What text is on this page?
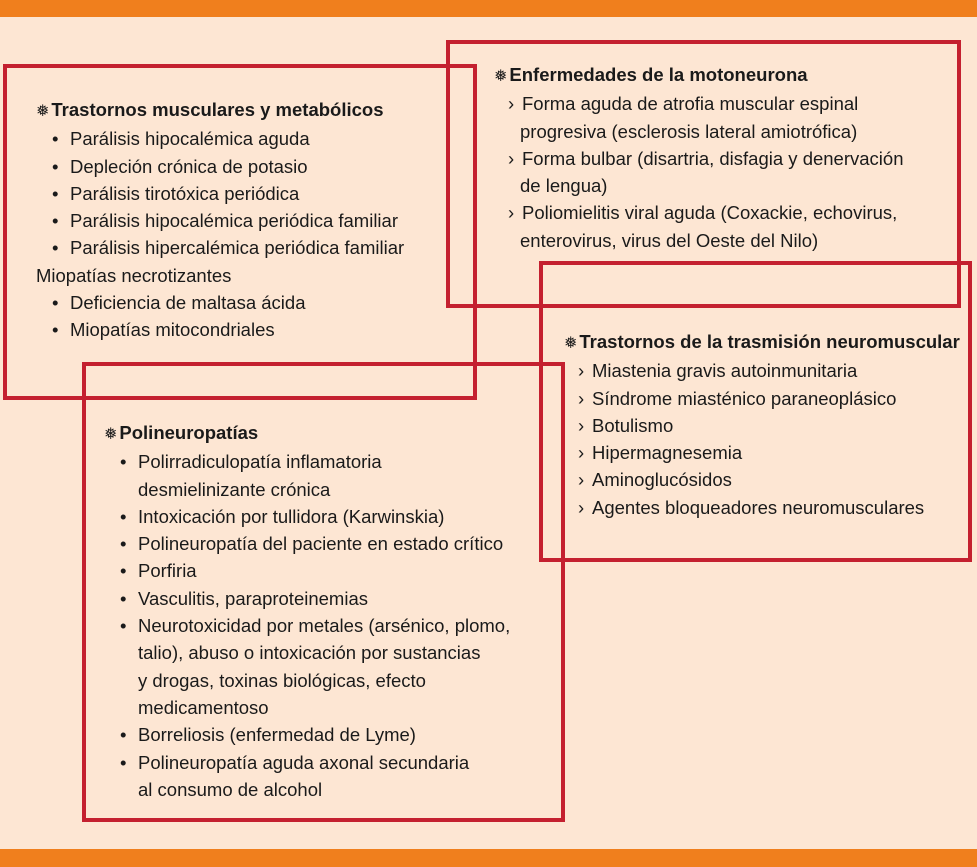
❅ Trastornos musculares y metabólicos
• Parálisis hipocalémica aguda
• Depleción crónica de potasio
• Parálisis tirotóxica periódica
• Parálisis hipocalémica periódica familiar
• Parálisis hipercalémica periódica familiar
Miopatías necrotizantes
• Deficiencia de maltasa ácida
• Miopatías mitocondriales
❅ Enfermedades de la motoneurona
› Forma aguda de atrofia muscular espinal
progresiva (esclerosis lateral amiotrófica)
› Forma bulbar (disartria, disfagia y denervación
de lengua)
› Poliomielitis viral aguda (Coxackie, echovirus,
enterovirus, virus del Oeste del Nilo)
❅ Trastornos de la trasmisión neuromuscular
› Miastenia gravis autoinmunitaria
› Síndrome miasténico paraneoplásico
› Botulismo
› Hipermagnesemia
› Aminoglucósidos
› Agentes bloqueadores neuromusculares
❅ Polineuropatías
• Polirradiculopatía inflamatoria
desmielinizante crónica
• Intoxicación por tullidora (Karwinskia)
• Polineuropatía del paciente en estado crítico
• Porfiria
• Vasculitis, paraproteinemias
• Neurotoxicidad por metales (arsénico, plomo,
talio), abuso o intoxicación por sustancias
y drogas, toxinas biológicas, efecto
medicamentoso
• Borreliosis (enfermedad de Lyme)
• Polineuropatía aguda axonal secundaria
al consumo de alcohol
